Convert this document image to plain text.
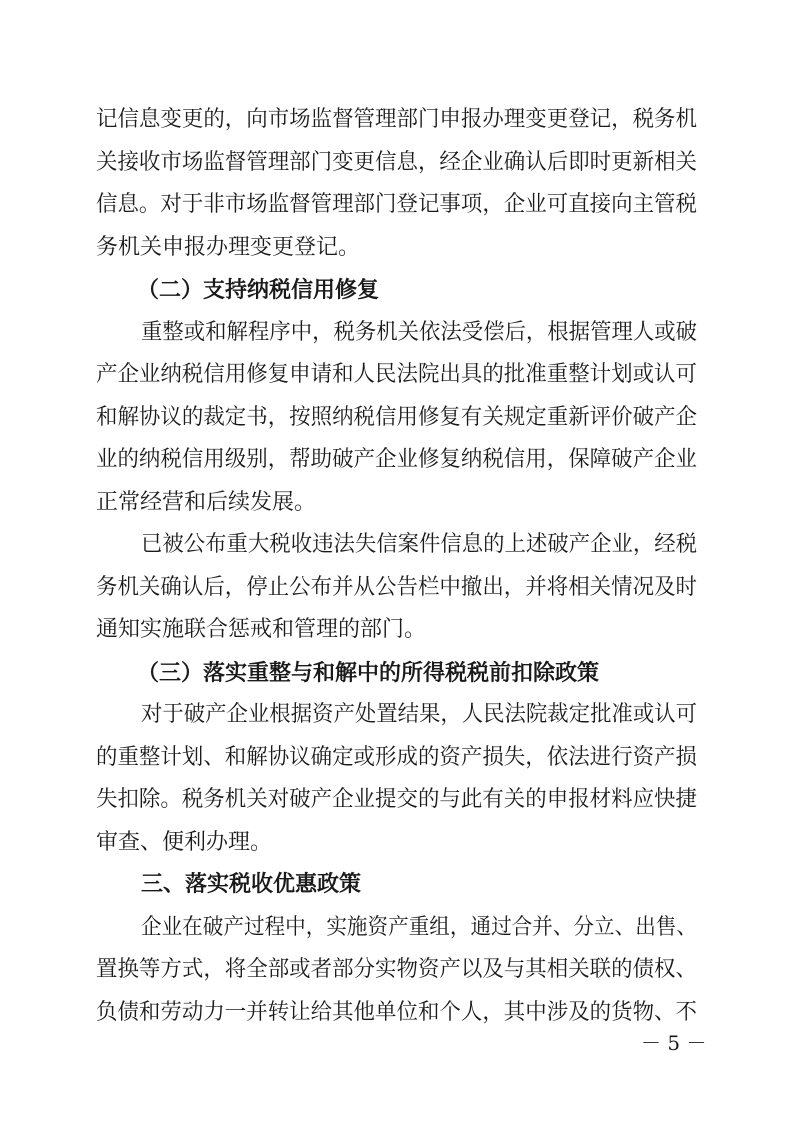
记信息变更的，向市场监督管理部门申报办理变更登记，税务机
关接收市场监督管理部门变更信息，经企业确认后即时更新相关
信息。对于非市场监督管理部门登记事项，企业可直接向主管税
务机关申报办理变更登记。
（二）支持纳税信用修复
重整或和解程序中，税务机关依法受偿后，根据管理人或破
产企业纳税信用修复申请和人民法院出具的批准重整计划或认可
和解协议的裁定书，按照纳税信用修复有关规定重新评价破产企
业的纳税信用级别，帮助破产企业修复纳税信用，保障破产企业
正常经营和后续发展。
已被公布重大税收违法失信案件信息的上述破产企业，经税
务机关确认后，停止公布并从公告栏中撤出，并将相关情况及时
通知实施联合惩戒和管理的部门。
（三）落实重整与和解中的所得税税前扣除政策
对于破产企业根据资产处置结果，人民法院裁定批准或认可
的重整计划、和解协议确定或形成的资产损失，依法进行资产损
失扣除。税务机关对破产企业提交的与此有关的申报材料应快捷
审查、便利办理。
三、落实税收优惠政策
企业在破产过程中，实施资产重组，通过合并、分立、出售、
置换等方式，将全部或者部分实物资产以及与其相关联的债权、
负债和劳动力一并转让给其他单位和个人，其中涉及的货物、不
－ 5 －
